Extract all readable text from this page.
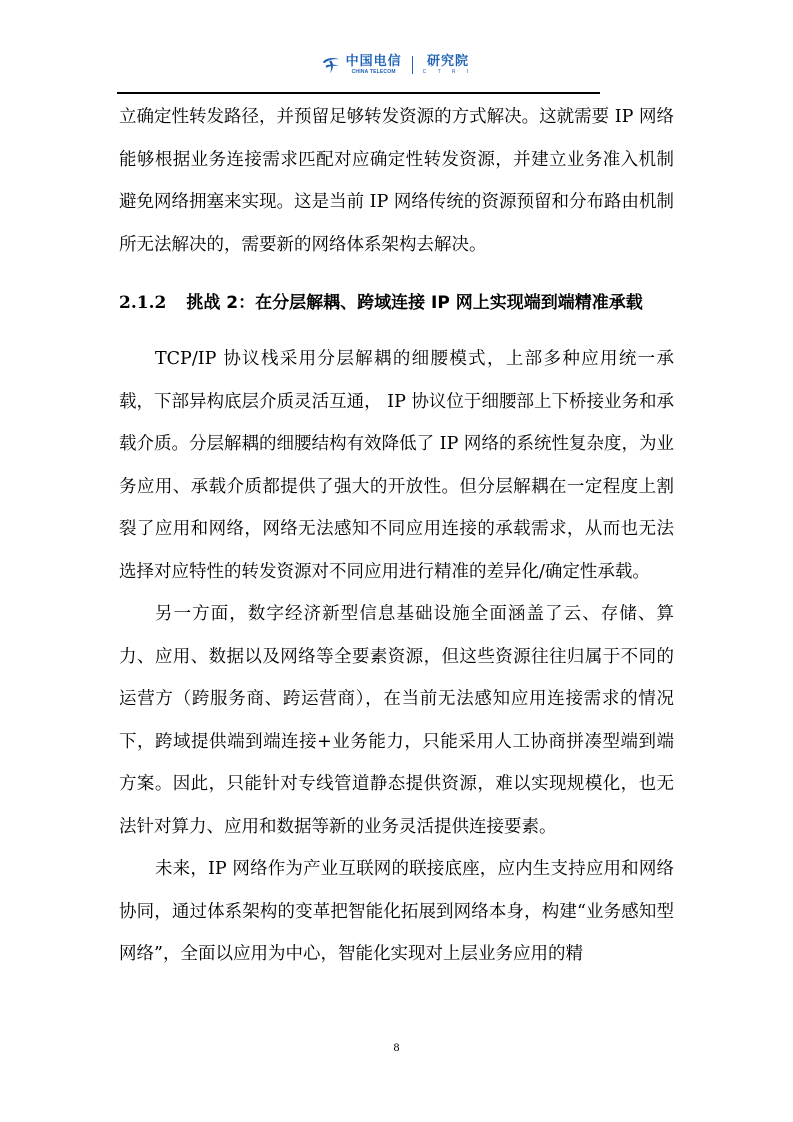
中国电信
CHINA TELECOM
研究院
C T R I

立确定性转发路径，并预留足够转发资源的方式解决。这就需要 IP 网络能够根据业务连接需求匹配对应确定性转发资源，并建立业务准入机制避免网络拥塞来实现。这是当前 IP 网络传统的资源预留和分布路由机制所无法解决的，需要新的网络体系架构去解决。

2.1.2 挑战 2：在分层解耦、跨域连接 IP 网上实现端到端精准承载

TCP/IP 协议栈采用分层解耦的细腰模式，上部多种应用统一承载，下部异构底层介质灵活互通， IP 协议位于细腰部上下桥接业务和承载介质。分层解耦的细腰结构有效降低了 IP 网络的系统性复杂度，为业务应用、承载介质都提供了强大的开放性。但分层解耦在一定程度上割裂了应用和网络，网络无法感知不同应用连接的承载需求，从而也无法选择对应特性的转发资源对不同应用进行精准的差异化/确定性承载。

另一方面，数字经济新型信息基础设施全面涵盖了云、存储、算力、应用、数据以及网络等全要素资源，但这些资源往往归属于不同的运营方（跨服务商、跨运营商），在当前无法感知应用连接需求的情况下，跨域提供端到端连接+业务能力，只能采用人工协商拼凑型端到端方案。因此，只能针对专线管道静态提供资源，难以实现规模化，也无法针对算力、应用和数据等新的业务灵活提供连接要素。

未来，IP 网络作为产业互联网的联接底座，应内生支持应用和网络协同，通过体系架构的变革把智能化拓展到网络本身，构建“业务感知型网络”，全面以应用为中心，智能化实现对上层业务应用的精

8
